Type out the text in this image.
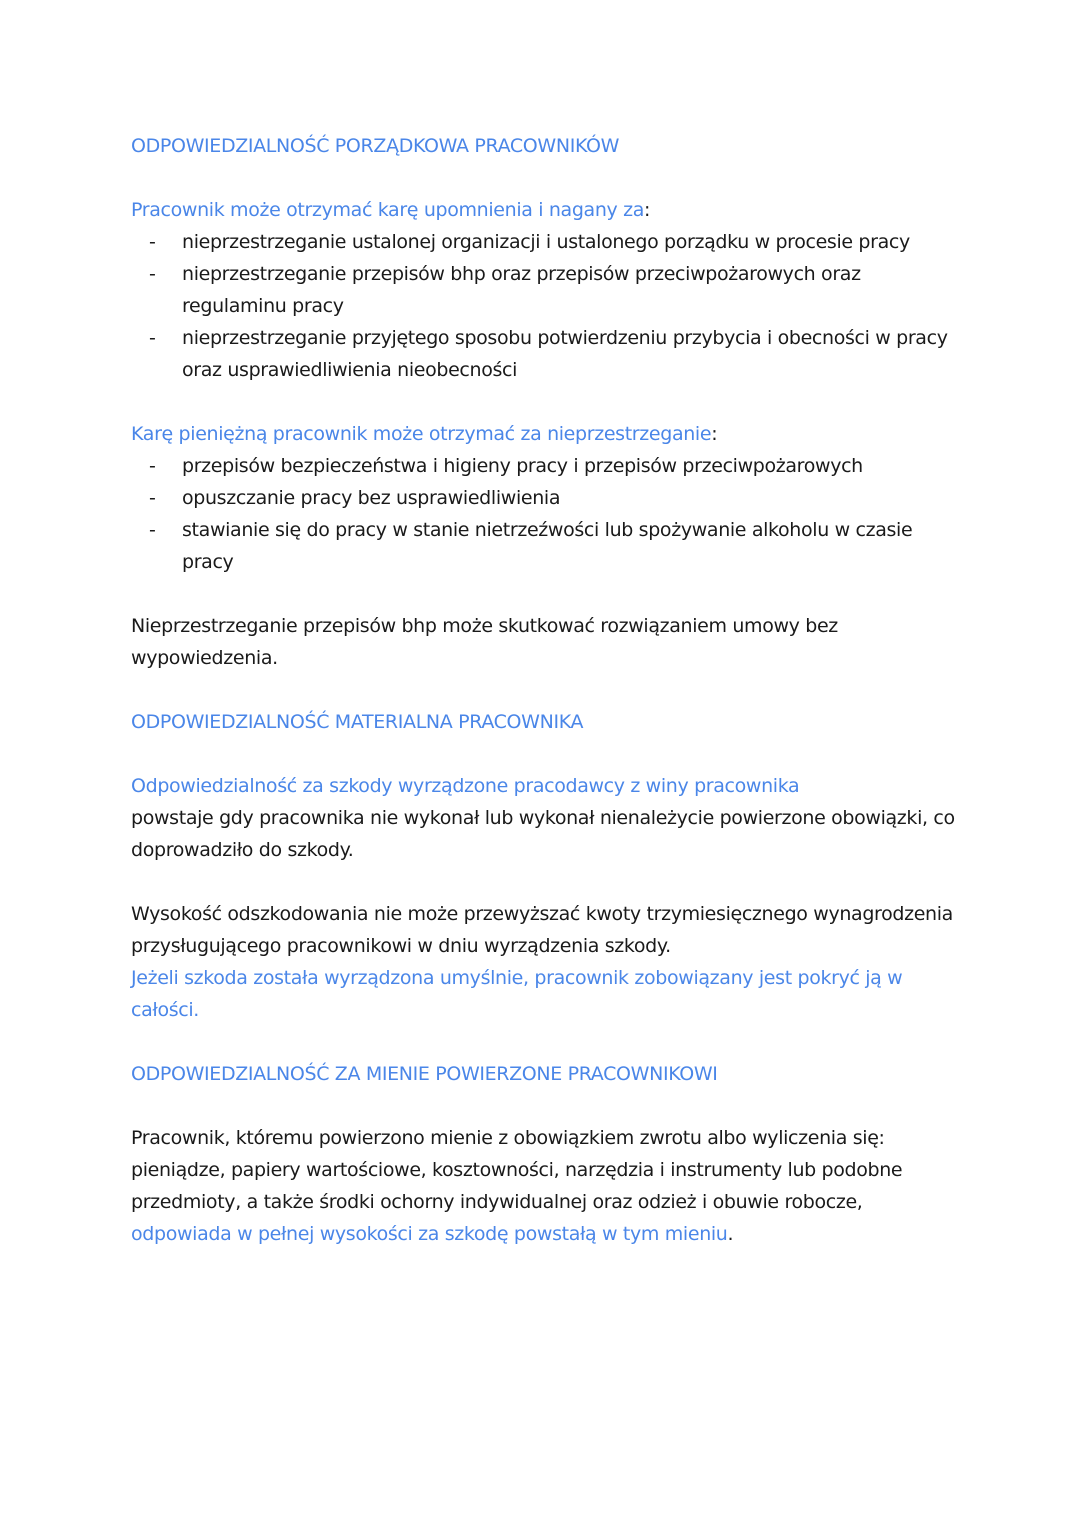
ODPOWIEDZIALNOŚĆ PORZĄDKOWA PRACOWNIKÓW

Pracownik może otrzymać karę upomnienia i nagany za:

- nieprzestrzeganie ustalonej organizacji i ustalonego porządku w procesie pracy
- nieprzestrzeganie przepisów bhp oraz przepisów przeciwpożarowych oraz regulaminu pracy
- nieprzestrzeganie przyjętego sposobu potwierdzeniu przybycia i obecności w pracy oraz usprawiedliwienia nieobecności

Karę pieniężną pracownik może otrzymać za nieprzestrzeganie:

- przepisów bezpieczeństwa i higieny pracy i przepisów przeciwpożarowych
- opuszczanie pracy bez usprawiedliwienia
- stawianie się do pracy w stanie nietrzeźwości lub spożywanie alkoholu w czasie pracy

Nieprzestrzeganie przepisów bhp może skutkować rozwiązaniem umowy bez wypowiedzenia.

ODPOWIEDZIALNOŚĆ MATERIALNA PRACOWNIKA

Odpowiedzialność za szkody wyrządzone pracodawcy z winy pracownika

powstaje gdy pracownika nie wykonał lub wykonał nienależycie powierzone obowiązki, co doprowadziło do szkody.

Wysokość odszkodowania nie może przewyższać kwoty trzymiesięcznego wynagrodzenia przysługującego pracownikowi w dniu wyrządzenia szkody.

Jeżeli szkoda została wyrządzona umyślnie, pracownik zobowiązany jest pokryć ją w całości.

ODPOWIEDZIALNOŚĆ ZA MIENIE POWIERZONE PRACOWNIKOWI

Pracownik, któremu powierzono mienie z obowiązkiem zwrotu albo wyliczenia się: pieniądze, papiery wartościowe, kosztowności, narzędzia i instrumenty lub podobne przedmioty, a także środki ochorny indywidualnej oraz odzież i obuwie robocze, odpowiada w pełnej wysokości za szkodę powstałą w tym mieniu.
